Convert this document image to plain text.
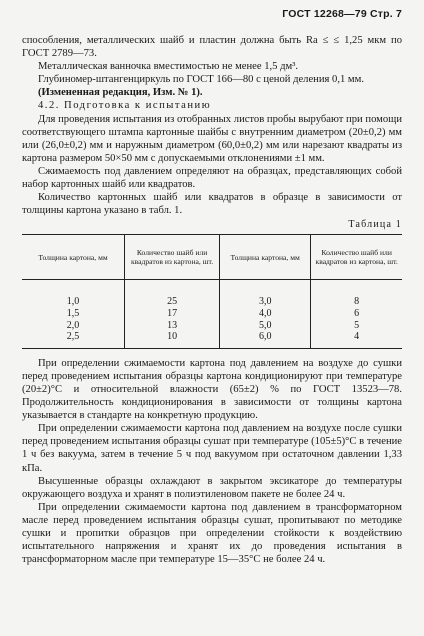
ГОСТ 12268—79 Стр. 7

способления, металлических шайб и пластин должна быть Ra ≤ ≤ 1,25 мкм по ГОСТ 2789—73.

Металлическая ванночка вместимостью не менее 1,5 дм³.

Глубиномер-штангенциркуль по ГОСТ 166—80 с ценой деления 0,1 мм.

(Измененная редакция, Изм. № 1).

4.2. Подготовка к испытанию

Для проведения испытания из отобранных листов пробы вырубают при помощи соответствующего штампа картонные шайбы с внутренним диаметром (20±0,2) мм или (26,0±0,2) мм и наружным диаметром (60,0±0,2) мм или нарезают квадраты из картона размером 50×50 мм с допускаемыми отклонениями ±1 мм.

Сжимаемость под давлением определяют на образцах, представляющих собой набор картонных шайб или квадратов.

Количество картонных шайб или квадратов в образце в зависимости от толщины картона указано в табл. 1.

Таблица 1
Толщина картона, мм	Количество шайб или квадратов из картона, шт.	Толщина картона, мм	Количество шайб или квадратов из картона, шт.
1,0	25	3,0	8
1,5	17	4,0	6
2,0	13	5,0	5
2,5	10	6,0	4

При определении сжимаемости картона под давлением на воздухе до сушки перед проведением испытания образцы картона кондиционируют при температуре (20±2)°С и относительной влажности (65±2) % по ГОСТ 13523—78. Продолжительность кондиционирования в зависимости от толщины картона указывается в стандарте на конкретную продукцию.

При определении сжимаемости картона под давлением на воздухе после сушки перед проведением испытания образцы сушат при температуре (105±5)°С в течение 1 ч без вакуума, затем в течение 5 ч под вакуумом при остаточном давлении 1,33 кПа.

Высушенные образцы охлаждают в закрытом эксикаторе до температуры окружающего воздуха и хранят в полиэтиленовом пакете не более 24 ч.

При определении сжимаемости картона под давлением в трансформаторном масле перед проведением испытания образцы сушат, пропитывают по методике сушки и пропитки образцов при определении стойкости к воздействию испытательного напряжения и хранят их до проведения испытания в трансформаторном масле при температуре 15—35°С не более 24 ч.
